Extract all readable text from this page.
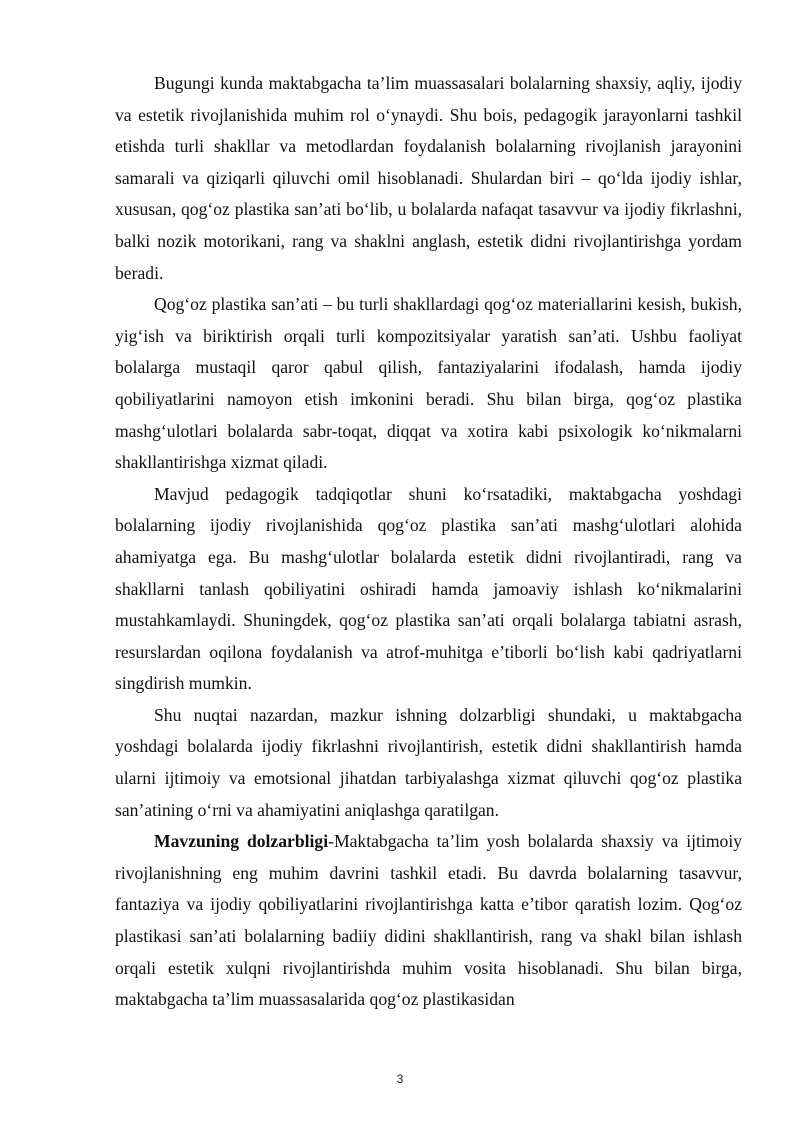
Bugungi kunda maktabgacha ta’lim muassasalari bolalarning shaxsiy, aqliy, ijodiy va estetik rivojlanishida muhim rol o‘ynaydi. Shu bois, pedagogik jarayonlarni tashkil etishda turli shakllar va metodlardan foydalanish bolalarning rivojlanish jarayonini samarali va qiziqarli qiluvchi omil hisoblanadi. Shulardan biri – qo‘lda ijodiy ishlar, xususan, qog‘oz plastika san’ati bo‘lib, u bolalarda nafaqat tasavvur va ijodiy fikrlashni, balki nozik motorikani, rang va shaklni anglash, estetik didni rivojlantirishga yordam beradi.

Qog‘oz plastika san’ati – bu turli shakllardagi qog‘oz materiallarini kesish, bukish, yig‘ish va biriktirish orqali turli kompozitsiyalar yaratish san’ati. Ushbu faoliyat bolalarga mustaqil qaror qabul qilish, fantaziyalarini ifodalash, hamda ijodiy qobiliyatlarini namoyon etish imkonini beradi. Shu bilan birga, qog‘oz plastika mashg‘ulotlari bolalarda sabr-toqat, diqqat va xotira kabi psixologik ko‘nikmalarni shakllantirishga xizmat qiladi.

Mavjud pedagogik tadqiqotlar shuni ko‘rsatadiki, maktabgacha yoshdagi bolalarning ijodiy rivojlanishida qog‘oz plastika san’ati mashg‘ulotlari alohida ahamiyatga ega. Bu mashg‘ulotlar bolalarda estetik didni rivojlantiradi, rang va shakllarni tanlash qobiliyatini oshiradi hamda jamoaviy ishlash ko‘nikmalarini mustahkamlaydi. Shuningdek, qog‘oz plastika san’ati orqali bolalarga tabiatni asrash, resurslardan oqilona foydalanish va atrof-muhitga e’tiborli bo‘lish kabi qadriyatlarni singdirish mumkin.

Shu nuqtai nazardan, mazkur ishning dolzarbligi shundaki, u maktabgacha yoshdagi bolalarda ijodiy fikrlashni rivojlantirish, estetik didni shakllantirish hamda ularni ijtimoiy va emotsional jihatdan tarbiyalashga xizmat qiluvchi qog‘oz plastika san’atining o‘rni va ahamiyatini aniqlashga qaratilgan.

Mavzuning dolzarbligi-Maktabgacha ta’lim yosh bolalarda shaxsiy va ijtimoiy rivojlanishning eng muhim davrini tashkil etadi. Bu davrda bolalarning tasavvur, fantaziya va ijodiy qobiliyatlarini rivojlantirishga katta e’tibor qaratish lozim. Qog‘oz plastikasi san’ati bolalarning badiiy didini shakllantirish, rang va shakl bilan ishlash orqali estetik xulqni rivojlantirishda muhim vosita hisoblanadi. Shu bilan birga, maktabgacha ta’lim muassasalarida qog‘oz plastikasidan

3
